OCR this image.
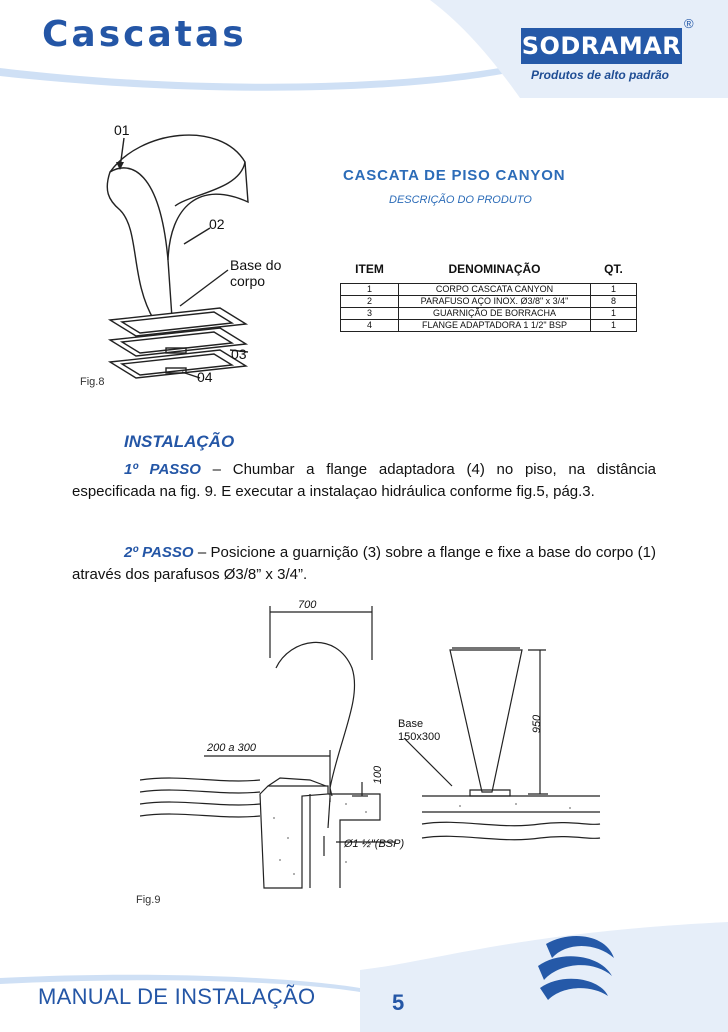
Cascatas	SODRAMAR
®
Produtos de alto padrão
01
02
Base do
corpo
03
04
Fig.8
CASCATA DE PISO CANYON
DESCRIÇÃO DO PRODUTO
ITEM	DENOMINAÇÃO	QT.
1	CORPO CASCATA CANYON	1
2	PARAFUSO AÇO INOX. Ø3/8" x 3/4"	8
3	GUARNIÇÃO DE BORRACHA	1
4	FLANGE ADAPTADORA 1 1/2" BSP	1
INSTALAÇÃO
1º PASSO – Chumbar a flange adaptadora (4) no piso, na distância especificada na fig. 9. E executar a instalaçao hidráulica conforme fig.5, pág.3.
2º PASSO – Posicione a guarnição (3) sobre a flange e fixe a base do corpo (1) através dos parafusos Ø3/8” x 3/4”.
700
200 a 300
100
Ø1 ½"(BSP)
Base
150x300
950
Fig.9
MANUAL DE INSTALAÇÃO	5
